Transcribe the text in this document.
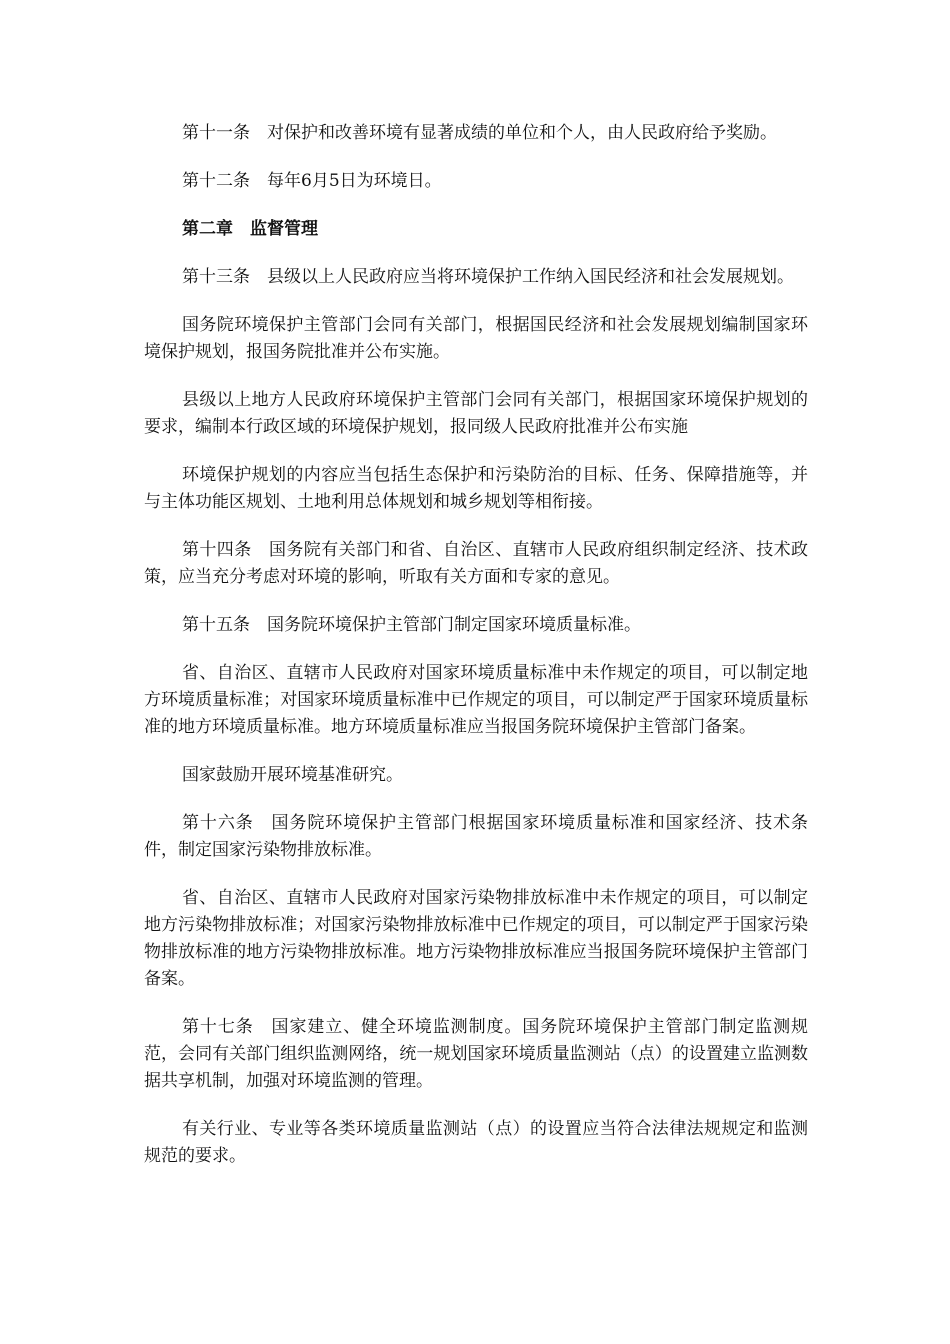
第十一条　对保护和改善环境有显著成绩的单位和个人，由人民政府给予奖励。

第十二条　每年6月5日为环境日。

第二章　监督管理

第十三条　县级以上人民政府应当将环境保护工作纳入国民经济和社会发展规划。

国务院环境保护主管部门会同有关部门，根据国民经济和社会发展规划编制国家环境保护规划，报国务院批准并公布实施。

县级以上地方人民政府环境保护主管部门会同有关部门，根据国家环境保护规划的要求，编制本行政区域的环境保护规划，报同级人民政府批准并公布实施

环境保护规划的内容应当包括生态保护和污染防治的目标、任务、保障措施等，并与主体功能区规划、土地利用总体规划和城乡规划等相衔接。

第十四条　国务院有关部门和省、自治区、直辖市人民政府组织制定经济、技术政策，应当充分考虑对环境的影响，听取有关方面和专家的意见。

第十五条　国务院环境保护主管部门制定国家环境质量标准。

省、自治区、直辖市人民政府对国家环境质量标准中未作规定的项目，可以制定地方环境质量标准；对国家环境质量标准中已作规定的项目，可以制定严于国家环境质量标准的地方环境质量标准。地方环境质量标准应当报国务院环境保护主管部门备案。

国家鼓励开展环境基准研究。

第十六条　国务院环境保护主管部门根据国家环境质量标准和国家经济、技术条件，制定国家污染物排放标准。

省、自治区、直辖市人民政府对国家污染物排放标准中未作规定的项目，可以制定地方污染物排放标准；对国家污染物排放标准中已作规定的项目，可以制定严于国家污染物排放标准的地方污染物排放标准。地方污染物排放标准应当报国务院环境保护主管部门备案。

第十七条　国家建立、健全环境监测制度。国务院环境保护主管部门制定监测规范，会同有关部门组织监测网络，统一规划国家环境质量监测站（点）的设置建立监测数据共享机制，加强对环境监测的管理。

有关行业、专业等各类环境质量监测站（点）的设置应当符合法律法规规定和监测规范的要求。
